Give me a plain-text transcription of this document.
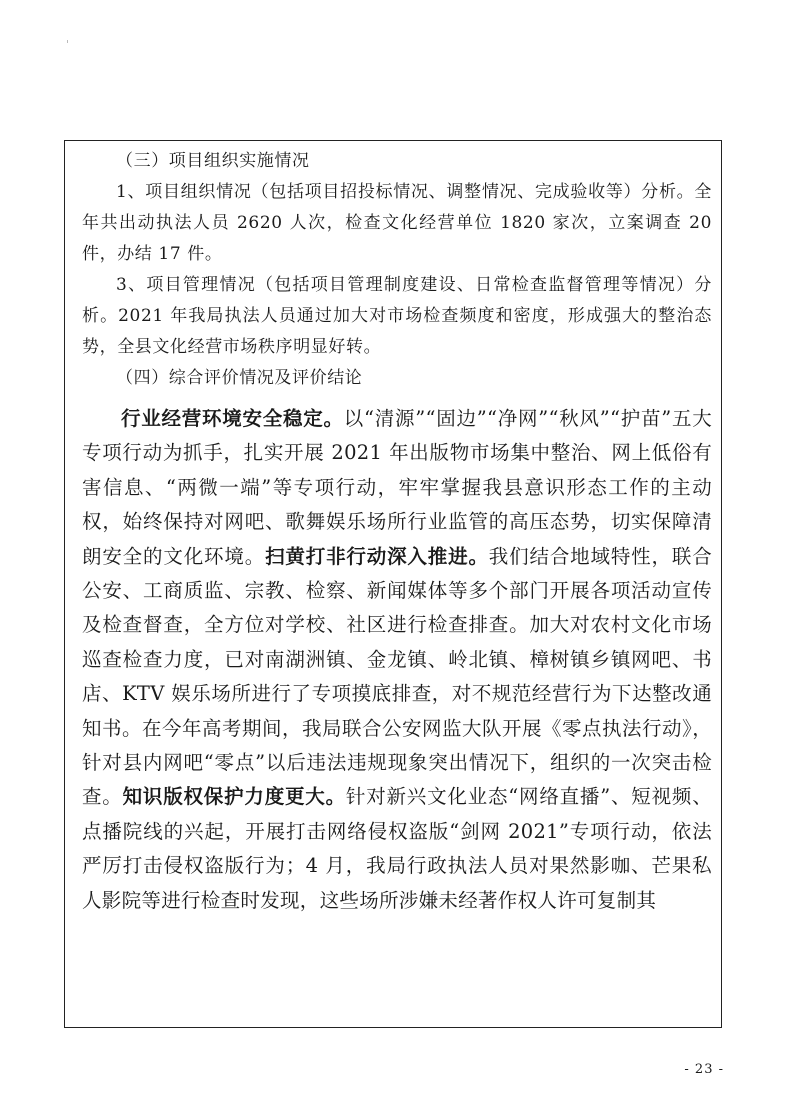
（三）项目组织实施情况

1、项目组织情况（包括项目招投标情况、调整情况、完成验收等）分析。全年共出动执法人员 2620 人次，检查文化经营单位 1820 家次，立案调查 20 件，办结 17 件。

3、项目管理情况（包括项目管理制度建设、日常检查监督管理等情况）分析。2021 年我局执法人员通过加大对市场检查频度和密度，形成强大的整治态势，全县文化经营市场秩序明显好转。

（四）综合评价情况及评价结论

行业经营环境安全稳定。以“清源”“固边”“净网”“秋风”“护苗”五大专项行动为抓手，扎实开展 2021 年出版物市场集中整治、网上低俗有害信息、“两微一端”等专项行动，牢牢掌握我县意识形态工作的主动权，始终保持对网吧、歌舞娱乐场所行业监管的高压态势，切实保障清朗安全的文化环境。扫黄打非行动深入推进。我们结合地域特性，联合公安、工商质监、宗教、检察、新闻媒体等多个部门开展各项活动宣传及检查督查，全方位对学校、社区进行检查排查。加大对农村文化市场巡查检查力度，已对南湖洲镇、金龙镇、岭北镇、樟树镇乡镇网吧、书店、KTV 娱乐场所进行了专项摸底排查，对不规范经营行为下达整改通知书。在今年高考期间，我局联合公安网监大队开展《零点执法行动》，针对县内网吧“零点”以后违法违规现象突出情况下，组织的一次突击检查。知识版权保护力度更大。针对新兴文化业态“网络直播”、短视频、点播院线的兴起，开展打击网络侵权盗版“剑网 2021”专项行动，依法严厉打击侵权盗版行为；4 月，我局行政执法人员对果然影咖、芒果私人影院等进行检查时发现，这些场所涉嫌未经著作权人许可复制其

- 23 -
